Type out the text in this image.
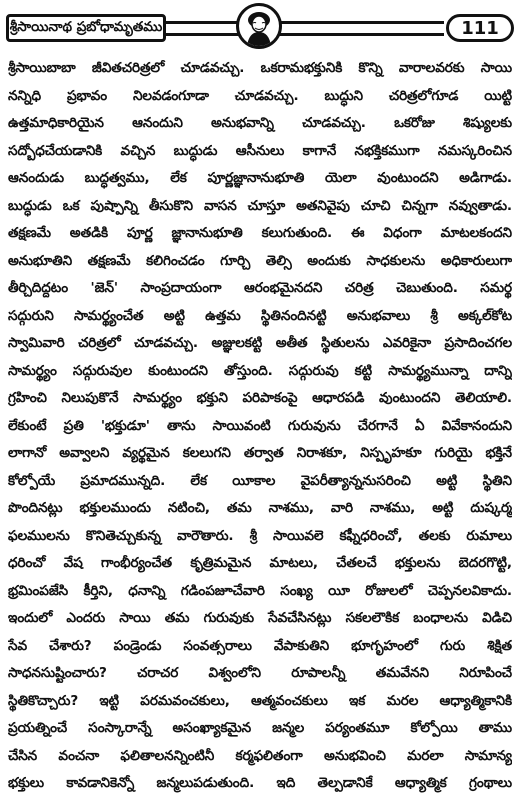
శ్రీసాయినాథ ప్రబోధామృతము	111
శ్రీసాయిబాబా జీవితచరిత్రలో చూడవచ్చు. ఒకరామభక్తునికి కొన్ని వారాలవరకు సాయి
నన్నిధి ప్రభావం నిలవడంగూడా చూడవచ్చు. బుద్ధుని చరిత్రలోగూడ యిట్టి
ఉత్తమాధికారియైన ఆనందుని అనుభవాన్ని చూడవచ్చు. ఒకరోజు శిష్యులకు
సద్బోధచేయడానికి వచ్చిన బుద్ధుడు ఆసీనులు కాగానే నభక్తికముగా నమస్కరించిన
ఆనందుడు బుద్ధత్వము, లేక పూర్ణజ్ఞానానుభూతి యెలా వుంటుందని అడిగాడు.
బుద్ధుడు ఒక పుష్పాన్ని తీసుకొని వాసన చూస్తూ అతనివైపు చూచి చిన్నగా నవ్వుతాడు.
తక్షణమే అతడికి పూర్ణ జ్ఞానానుభూతి కలుగుతుంది. ఈ విధంగా మాటలకందని
అనుభూతిని తక్షణమే కలిగించడం గూర్చి తెల్సి అందుకు సాధకులను అధికారులుగా
తీర్చిదిద్దటం 'జెన్' సాంప్రదాయంగా ఆరంభమైనదని చరిత్ర చెబుతుంది. సమర్థ
సద్గురుని సామర్థ్యంచేత అట్టి ఉత్తమ స్థితినందినట్టి అనుభవాలు శ్రీ అక్కల్‌కోట
స్వామివారి చరిత్రలో చూడవచ్చు. అజ్ఞులకట్టి అతీత స్థితులను ఎవరికైనా ప్రసాదించగల
సామర్థ్యం సద్గురువుల కుంటుందని తోస్తుంది. సద్గురువు కట్టి సామర్థ్యమున్నా దాన్ని
గ్రహించి నిలుపుకొనే సామర్థ్యం భక్తుని పరిపాకంపై ఆధారపడి వుంటుందని తెలియాలి.
లేకుంటే ప్రతి 'భక్తుడూ' తాను సాయివంటి గురువును చేరగానే ఏ వివేకానందుని
లాగానో అవ్వాలని వ్యర్థమైన కలలుగని తర్వాత నిరాశకూ, నిస్పృహకూ గురియై భక్తినే
కోల్పోయే ప్రమాదమున్నది. లేక యీకాల వైపరీత్యాన్ననుసరించి అట్టి స్థితిని
పొందినట్లు భక్తులముందు నటించి, తమ నాశము, వారి నాశము, అట్టి దుష్కర్మ
ఫలములను కొనితెచ్చుకున్న వారౌతారు. శ్రీ సాయివలె కఫ్నీధరించో, తలకు రుమాలు
ధరించో వేష గాంభీర్యంచేత కృత్రిమమైన మాటలు, చేతలచే భక్తులను బెదరగొట్టి,
భ్రమింపజేసి కీర్తిని, ధనాన్ని గడింపజూచేవారి సంఖ్య యీ రోజులలో చెప్పనలవికాదు.
ఇందులో ఎందరు సాయి తమ గురువుకు సేవచేసినట్లు సకలలౌకిక బంధాలను విడిచి
సేవ చేశారు? పండ్రెండు సంవత్సరాలు వేపాకుతిని భూగృహంలో గురు శిక్షిత
సాధనసుష్టించారు? చరాచర విశ్వంలోని రూపాలన్నీ తమవేనని నిరూపించే
స్థితికొచ్చారు? ఇట్టి పరమవంచకులు, ఆత్మవంచకులు ఇక మరల ఆధ్యాత్మికానికి
ప్రయత్నించే సంస్కారాన్నే అసంఖ్యాకమైన జన్మల పర్యంతమూ కోల్పోయి తాము
చేసిన వంచనా ఫలితాలనన్నింటినీ కర్మఫలితంగా అనుభవించి మరలా సామాన్య
భక్తులు కావడానికెన్నో జన్మలుపడుతుంది. ఇది తెల్పడానికే ఆధ్యాత్మిక గ్రంథాలు
